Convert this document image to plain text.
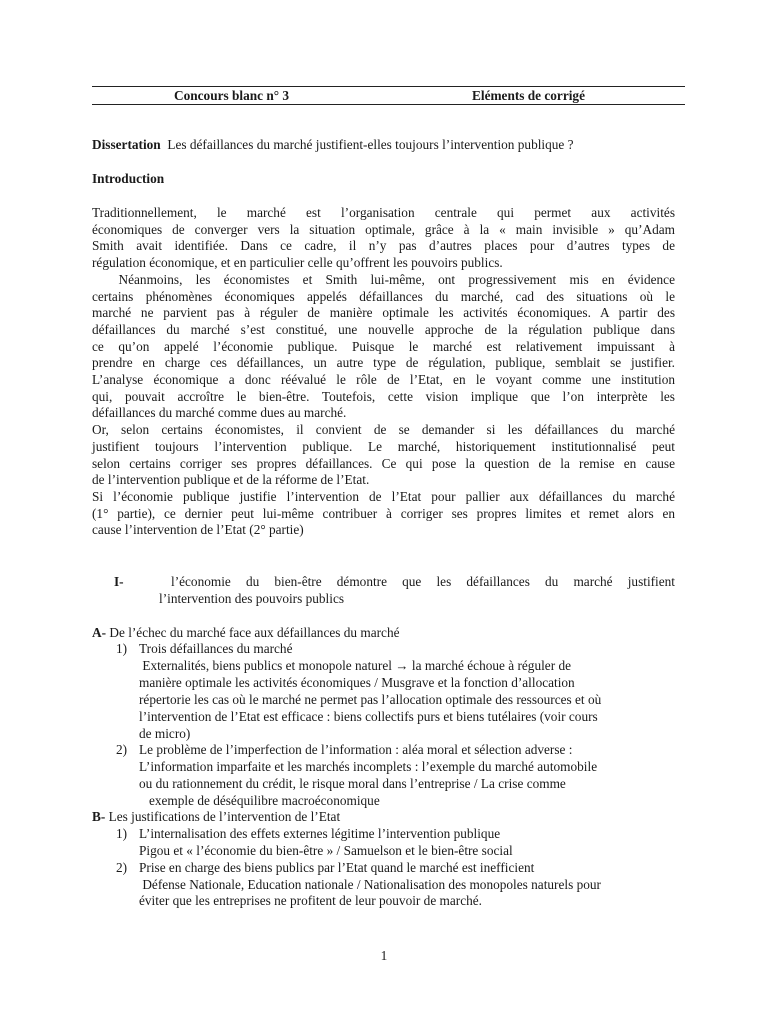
Concours blanc n° 3	Eléments de corrigé
Dissertation Les défaillances du marché justifient-elles toujours l’intervention publique ?
Introduction
Traditionnellement, le marché est l’organisation centrale qui permet aux activités
économiques de converger vers la situation optimale, grâce à la « main invisible » qu’Adam
Smith avait identifiée. Dans ce cadre, il n’y pas d’autres places pour d’autres types de
régulation économique, et en particulier celle qu’offrent les pouvoirs publics.
Néanmoins, les économistes et Smith lui-même, ont progressivement mis en évidence
certains phénomènes économiques appelés défaillances du marché, cad des situations où le
marché ne parvient pas à réguler de manière optimale les activités économiques. A partir des
défaillances du marché s’est constitué, une nouvelle approche de la régulation publique dans
ce qu’on appelé l’économie publique. Puisque le marché est relativement impuissant à
prendre en charge ces défaillances, un autre type de régulation, publique, semblait se justifier.
L’analyse économique a donc réévalué le rôle de l’Etat, en le voyant comme une institution
qui, pouvait accroître le bien-être. Toutefois, cette vision implique que l’on interprète les
défaillances du marché comme dues au marché.
Or, selon certains économistes, il convient de se demander si les défaillances du marché
justifient toujours l’intervention publique. Le marché, historiquement institutionnalisé peut
selon certains corriger ses propres défaillances. Ce qui pose la question de la remise en cause
de l’intervention publique et de la réforme de l’Etat.
Si l’économie publique justifie l’intervention de l’Etat pour pallier aux défaillances du marché
(1° partie), ce dernier peut lui-même contribuer à corriger ses propres limites et remet alors en
cause l’intervention de l’Etat (2° partie)
I-	l’économie du bien-être démontre que les défaillances du marché justifient
l’intervention des pouvoirs publics
A- De l’échec du marché face aux défaillances du marché
1) Trois défaillances du marché
Externalités, biens publics et monopole naturel → la marché échoue à réguler de
manière optimale les activités économiques / Musgrave et la fonction d’allocation
répertorie les cas où le marché ne permet pas l’allocation optimale des ressources et où
l’intervention de l’Etat est efficace : biens collectifs purs et biens tutélaires (voir cours
de micro)
2) Le problème de l’imperfection de l’information : aléa moral et sélection adverse :
L’information imparfaite et les marchés incomplets : l’exemple du marché automobile
ou du rationnement du crédit, le risque moral dans l’entreprise / La crise comme
exemple de déséquilibre macroéconomique
B- Les justifications de l’intervention de l’Etat
1) L’internalisation des effets externes légitime l’intervention publique
Pigou et « l’économie du bien-être » / Samuelson et le bien-être social
2) Prise en charge des biens publics par l’Etat quand le marché est inefficient
Défense Nationale, Education nationale / Nationalisation des monopoles naturels pour
éviter que les entreprises ne profitent de leur pouvoir de marché.
1
